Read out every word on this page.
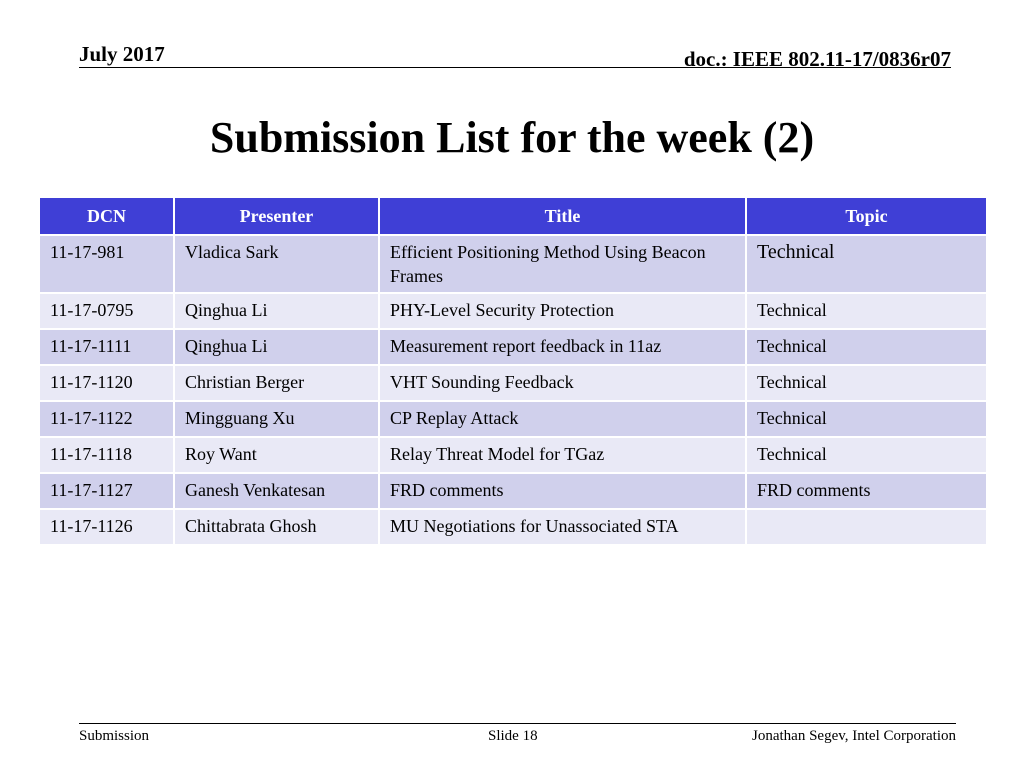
July 2017	doc.: IEEE 802.11-17/0836r07
Submission List for the week (2)
DCN	Presenter	Title	Topic
11-17-981	Vladica Sark	Efficient Positioning Method Using Beacon Frames	Technical
11-17-0795	Qinghua Li	PHY-Level Security Protection	Technical
11-17-1111	Qinghua Li	Measurement report feedback in 11az	Technical
11-17-1120	Christian Berger	VHT Sounding Feedback	Technical
11-17-1122	Mingguang Xu	CP Replay Attack	Technical
11-17-1118	Roy Want	Relay Threat Model for TGaz	Technical
11-17-1127	Ganesh Venkatesan	FRD comments	FRD comments
11-17-1126	Chittabrata Ghosh	MU Negotiations for Unassociated STA	
Submission	Slide 18	Jonathan Segev, Intel Corporation
